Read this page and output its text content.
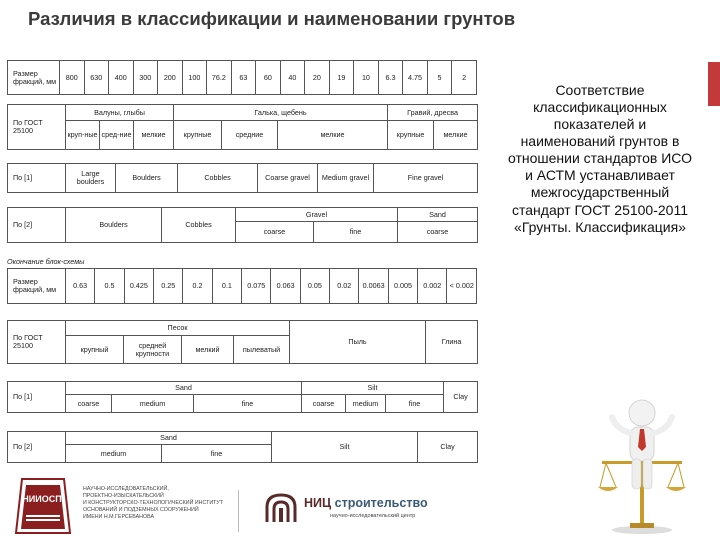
Различия в классификации и наименовании грунтов
Размер фракций, мм	800	630	400	300	200	100	76.2	63	60	40	20	19	10	6.3	4.75	5	2
По ГОСТ 25100	Валуны, глыбы			Галька, щебень			Гравий, дресва	
	круп-ные	сред-ние	мелкие	крупные	средние	мелкие	крупные	мелкие
По [1]	Large boulders	Boulders	Cobbles	Coarse gravel	Medium gravel	Fine gravel
По [2]	Boulders	Cobbles	Gravel		Sand
			coarse	fine	coarse
Окончание блок-схемы
Размер фракций, мм	0.63	0.5	0.425	0.25	0.2	0.1	0.075	0.063	0.05	0.02	0.0063	0.005	0.002	< 0.002
По ГОСТ 25100	Песок				Пыль	Глина
	крупный	средней крупности	мелкий	пылеватый		
По [1]	Sand			Silt			Clay
	coarse	medium	fine	coarse	medium	fine	
По [2]	Sand		Silt	Clay
	medium	fine		
Соответствие классификационных показателей и наименований грунтов в отношении стандартов ИСО и АСТМ устанавливает межгосударственный стандарт ГОСТ 25100-2011 «Грунты. Классификация»
НИИОСП
НАУЧНО-ИССЛЕДОВАТЕЛЬСКИЙ,
ПРОЕКТНО-ИЗЫСКАТЕЛЬСКИЙ
И КОНСТРУКТОРСКО-ТЕХНОЛОГИЧЕСКИЙ ИНСТИТУТ
ОСНОВАНИЙ И ПОДЗЕМНЫХ СООРУЖЕНИЙ
ИМЕНИ Н.М.ГЕРСЕВАНОВА
НИЦ строительство
научно-исследовательский центр
